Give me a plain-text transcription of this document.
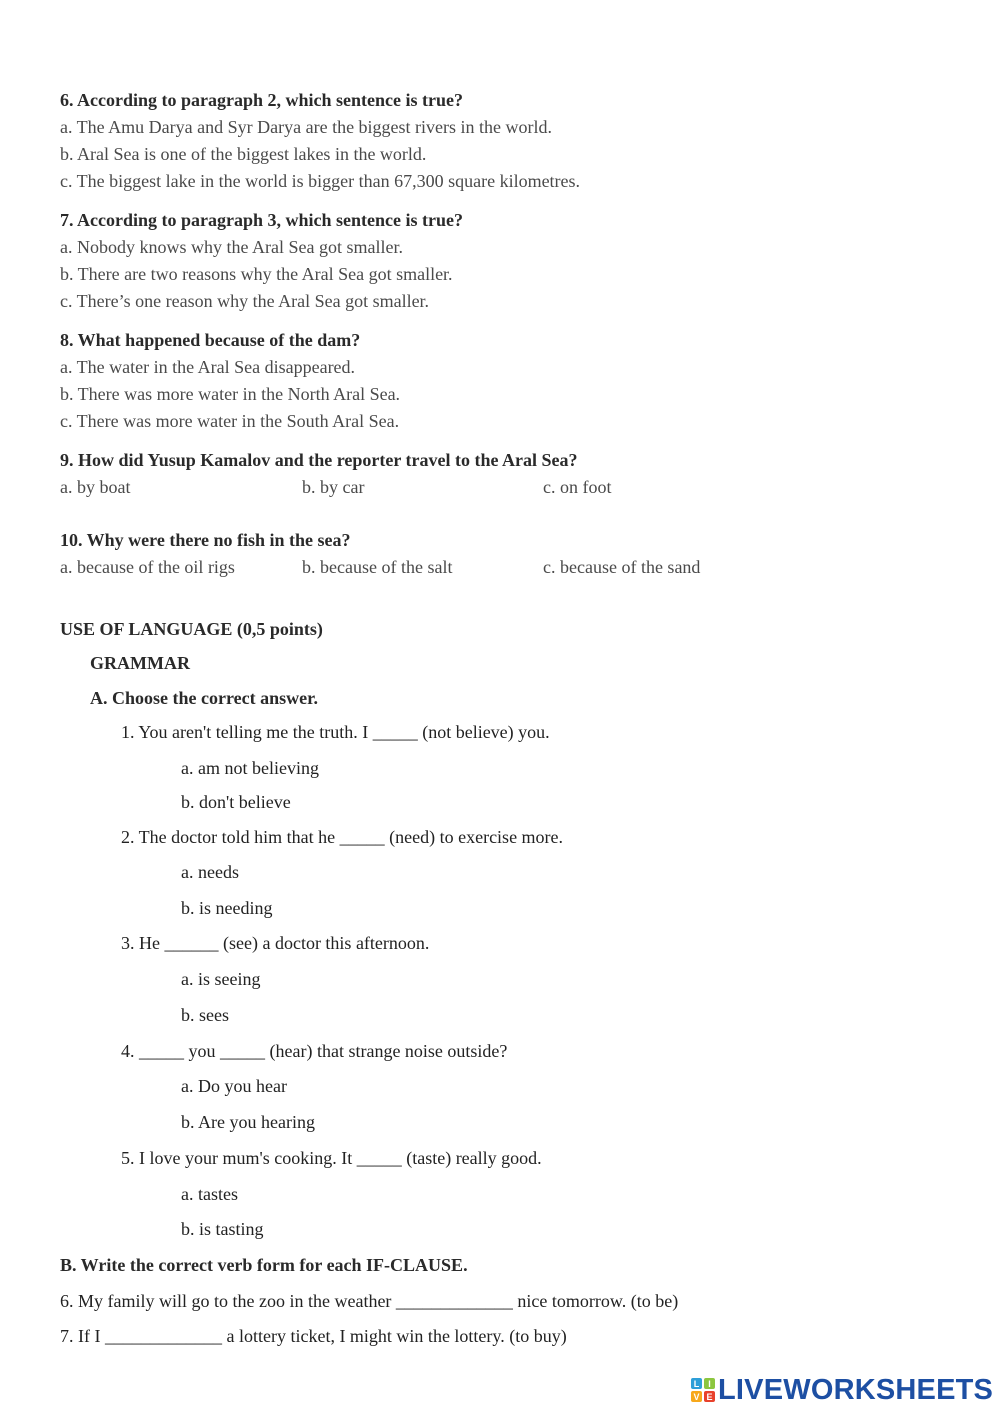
6. According to paragraph 2, which sentence is true?
a. The Amu Darya and Syr Darya are the biggest rivers in the world.
b. Aral Sea is one of the biggest lakes in the world.
c. The biggest lake in the world is bigger than 67,300 square kilometres.
7. According to paragraph 3, which sentence is true?
a. Nobody knows why the Aral Sea got smaller.
b. There are two reasons why the Aral Sea got smaller.
c. There’s one reason why the Aral Sea got smaller.
8. What happened because of the dam?
a. The water in the Aral Sea disappeared.
b. There was more water in the North Aral Sea.
c. There was more water in the South Aral Sea.
9. How did Yusup Kamalov and the reporter travel to the Aral Sea?
a. by boat	b. by car	c. on foot
10. Why were there no fish in the sea?
a. because of the oil rigs	b. because of the salt	c. because of the sand
USE OF LANGUAGE (0,5 points)
GRAMMAR
A. Choose the correct answer.
1. You aren't telling me the truth. I _____ (not believe) you.
a. am not believing
b. don't believe
2. The doctor told him that he _____ (need) to exercise more.
a. needs
b. is needing
3. He ______ (see) a doctor this afternoon.
a. is seeing
b. sees
4. _____ you _____ (hear) that strange noise outside?
a. Do you hear
b. Are you hearing
5. I love your mum's cooking. It _____ (taste) really good.
a. tastes
b. is tasting
B. Write the correct verb form for each IF-CLAUSE.
6. My family will go to the zoo in the weather _____________ nice tomorrow. (to be)
7. If I _____________ a lottery ticket, I might win the lottery. (to buy)
L I
V E LIVEWORKSHEETS
